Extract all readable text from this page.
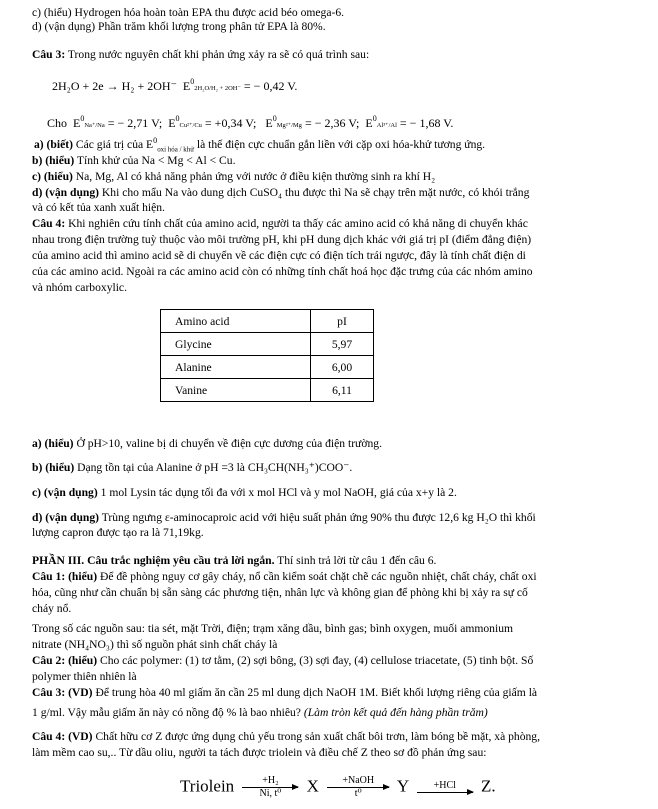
c) (hiểu) Hydrogen hóa hoàn toàn EPA thu được acid béo omega-6.
d) (vận dụng) Phần trăm khối lượng trong phân tử EPA là 80%.
Câu 3: Trong nước nguyên chất khi phản ứng xảy ra sẽ có quá trình sau:
2H₂O + 2e → H₂ + 2OH⁻ $E^02H_2O/H_2 + 2OH^-$ = − 0,42 V.
Cho $E^0Na^+/Na$ = − 2,71 V; $E^0Cu^{2+}/Cu = +0,34$ V; $E^0Mg^{2+}/Mg$ = − 2,36 V; $E^0Al^{3+}/Al$ = − 1,68 V.
a) (biết) Các giá trị của $E^0_{oxi hóa / khử}$ là thế điện cực chuẩn gắn liền với cặp oxi hóa-khử tương ứng.
b) (hiểu) Tính khử của Na < Mg < Al < Cu.
c) (hiểu) Na, Mg, Al có khả năng phản ứng với nước ở điều kiện thường sinh ra khí H₂
d) (vận dụng) Khi cho mẩu Na vào dung dịch CuSO₄ thu được thì Na sẽ chạy trên mặt nước, có khói trắng
và có kết tủa xanh xuất hiện.
Câu 4: Khi nghiên cứu tính chất của amino acid, người ta thấy các amino acid có khả năng di chuyển khác
nhau trong điện trường tuỳ thuộc vào môi trường pH, khi pH dung dịch khác với giá trị pI (điểm đẳng điện)
của amino acid thì amino acid sẽ di chuyển về các điện cực có điện tích trái ngược, đây là tính chất điện di
của các amino acid. Ngoài ra các amino acid còn có những tính chất hoá học đặc trưng của các nhóm amino
và nhóm carboxylic.
Amino acid	pI
Glycine	5,97
Alanine	6,00
Vanine	6,11
a) (hiểu) Ở pH>10, valine bị di chuyển về điện cực dương của điện trường.
b) (hiểu) Dạng tồn tại của Alanine ở pH =3 là CH₃CH(NH₃⁺)COO⁻.
c) (vận dụng) 1 mol Lysin tác dụng tối đa với x mol HCl và y mol NaOH, giá của x+y là 2.
d) (vận dụng) Trùng ngưng ε-aminocaproic acid với hiệu suất phản ứng 90% thu được 12,6 kg H₂O thì khối
lượng capron được tạo ra là 71,19kg.
PHẦN III. Câu trắc nghiệm yêu cầu trả lời ngắn. Thí sinh trả lời từ câu 1 đến câu 6.
Câu 1: (hiểu) Để đề phòng nguy cơ gây cháy, nổ cần kiểm soát chặt chẽ các nguồn nhiệt, chất cháy, chất oxi
hóa, cũng như cần chuẩn bị sẵn sàng các phương tiện, nhân lực và không gian để phòng khi bị xảy ra sự cố
cháy nổ.
Trong số các nguồn sau: tia sét, mặt Trời, điện; trạm xăng dầu, bình gas; bình oxygen, muối ammonium
nitrate (NH₄NO₃) thì số nguồn phát sinh chất cháy là
Câu 2: (hiểu) Cho các polymer: (1) tơ tằm, (2) sợi bông, (3) sợi đay, (4) cellulose triacetate, (5) tinh bột. Số
polymer thiên nhiên là
Câu 3: (VD) Để trung hòa 40 ml giấm ăn cần 25 ml dung dịch NaOH 1M. Biết khối lượng riêng của giấm là
1 g/ml. Vậy mẫu giấm ăn này có nồng độ % là bao nhiêu? (Làm tròn kết quả đến hàng phần trăm)
Câu 4: (VD) Chất hữu cơ Z được ứng dụng chủ yếu trong sản xuất chất bôi trơn, làm bóng bề mặt, xà phòng,
làm mềm cao su,.. Từ dầu oliu, người ta tách được triolein và điều chế Z theo sơ đồ phản ứng sau:
Triolein $\frac{\text{+H₂}}{\text{Ni, t⁰}}$ X	+NaOH
t⁰	Y	+HCl	Z.
